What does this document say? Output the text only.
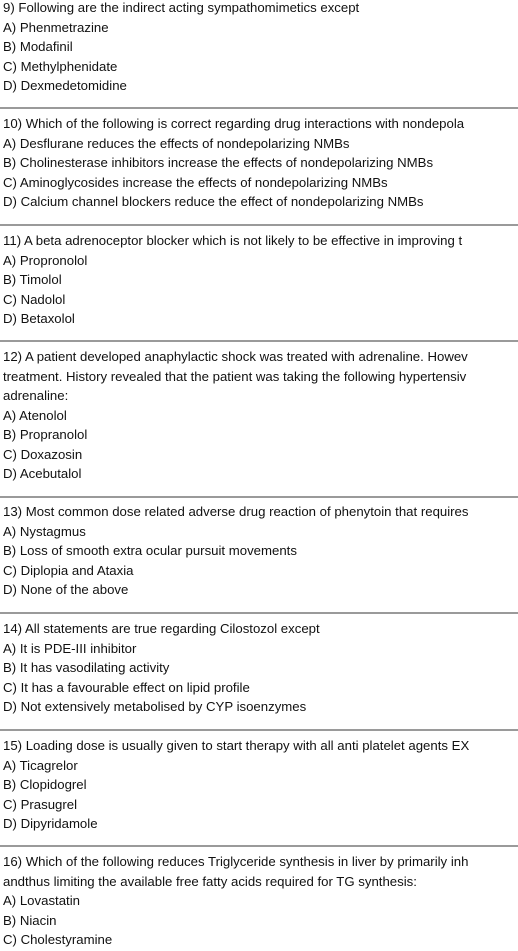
9) Following are the indirect acting sympathomimetics except
A) Phenmetrazine
B) Modafinil
C) Methylphenidate
D) Dexmedetomidine
10) Which of the following is correct regarding drug interactions with nondepola
A) Desflurane reduces the effects of nondepolarizing NMBs
B) Cholinesterase inhibitors increase the effects of nondepolarizing NMBs
C) Aminoglycosides increase the effects of nondepolarizing NMBs
D) Calcium channel blockers reduce the effect of nondepolarizing NMBs
11) A beta adrenoceptor blocker which is not likely to be effective in improving t
A) Propronolol
B) Timolol
C) Nadolol
D) Betaxolol
12) A patient developed anaphylactic shock was treated with adrenaline. Howev
treatment. History revealed that the patient was taking the following hypertensiv
adrenaline:
A) Atenolol
B) Propranolol
C) Doxazosin
D) Acebutalol
13) Most common dose related adverse drug reaction of phenytoin that requires
A) Nystagmus
B) Loss of smooth extra ocular pursuit movements
C) Diplopia and Ataxia
D) None of the above
14) All statements are true regarding Cilostozol except
A) It is PDE-III inhibitor
B) It has vasodilating activity
C) It has a favourable effect on lipid profile
D) Not extensively metabolised by CYP isoenzymes
15) Loading dose is usually given to start therapy with all anti platelet agents EX
A) Ticagrelor
B) Clopidogrel
C) Prasugrel
D) Dipyridamole
16) Which of the following reduces Triglyceride synthesis in liver by primarily inh
andthus limiting the available free fatty acids required for TG synthesis:
A) Lovastatin
B) Niacin
C) Cholestyramine
